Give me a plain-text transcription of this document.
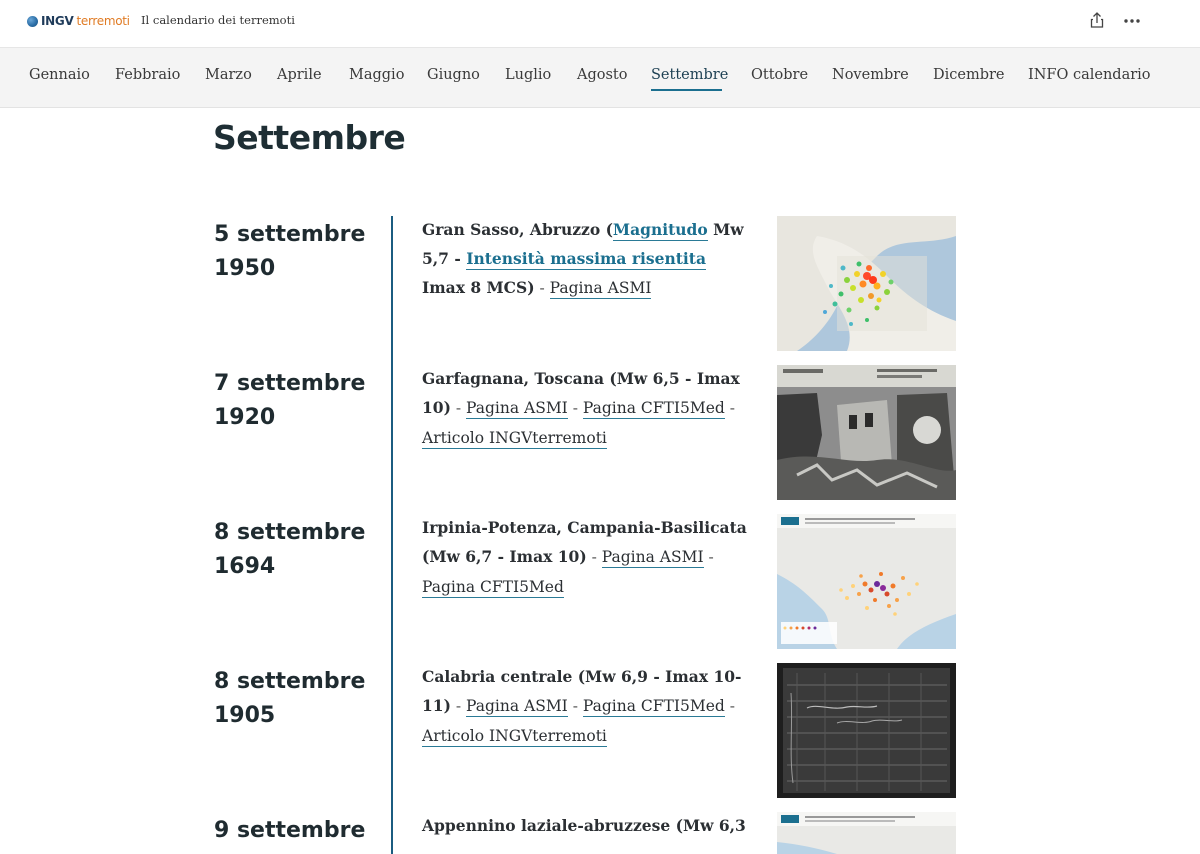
INGV terremoti Il calendario dei terremoti
Gennaio Febbraio Marzo Aprile Maggio Giugno Luglio Agosto Settembre Ottobre Novembre Dicembre INFO calendario
Settembre
5 settembre
1950
Gran Sasso, Abruzzo (Magnitudo Mw 5,7 - Intensità massima risentita Imax 8 MCS) - Pagina ASMI
7 settembre
1920
Garfagnana, Toscana (Mw 6,5 - Imax 10) - Pagina ASMI - Pagina CFTI5Med - Articolo INGVterremoti
8 settembre
1694
Irpinia-Potenza, Campania-Basilicata (Mw 6,7 - Imax 10) - Pagina ASMI - Pagina CFTI5Med
8 settembre
1905
Calabria centrale (Mw 6,9 - Imax 10-11) - Pagina ASMI - Pagina CFTI5Med - Articolo INGVterremoti
9 settembre	Appennino laziale-abruzzese (Mw 6,3
